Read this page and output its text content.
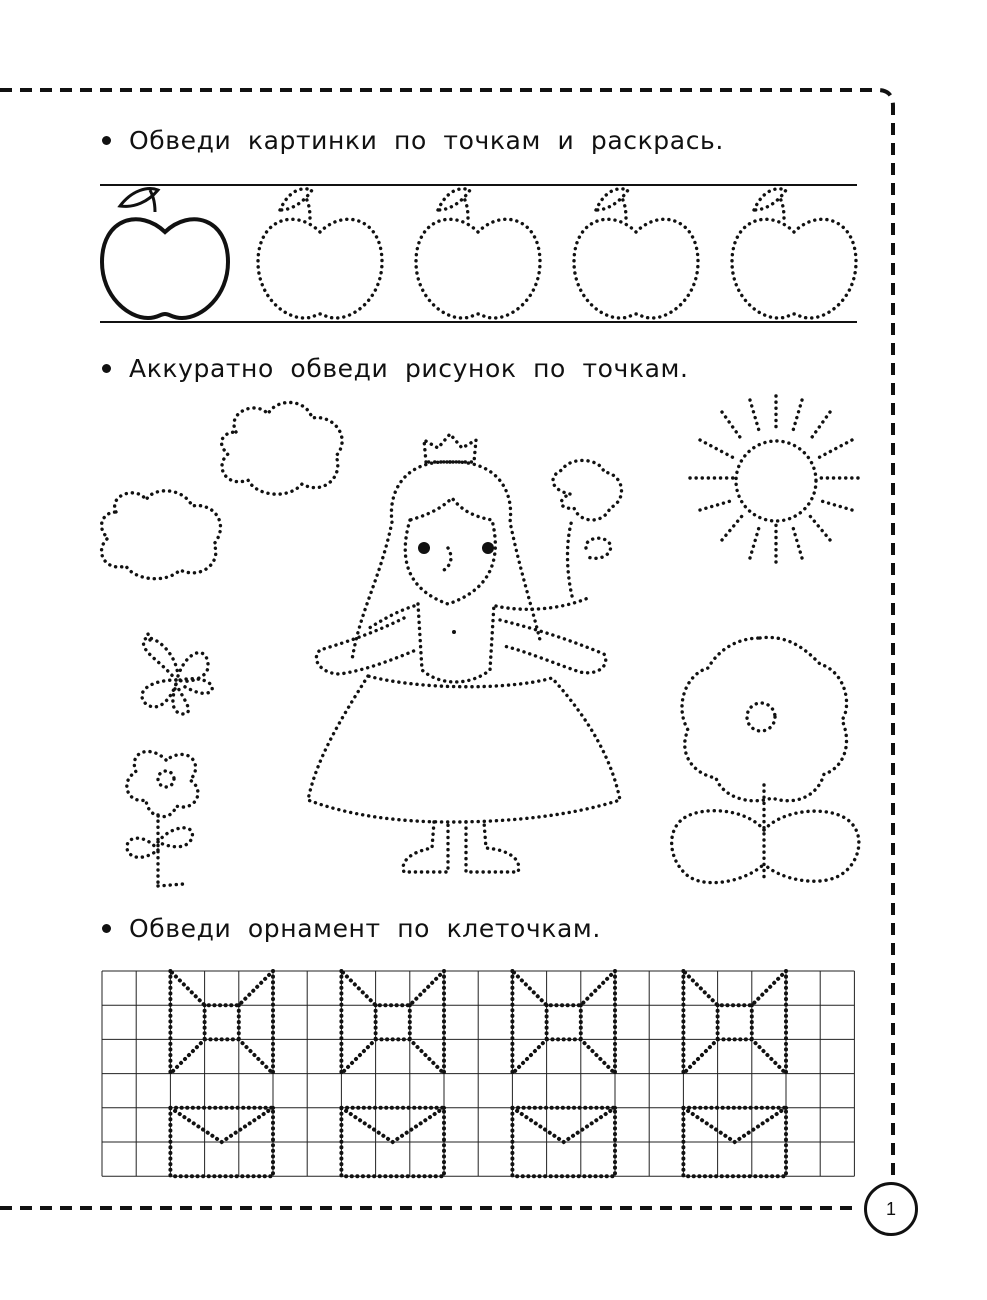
Обведи картинки по точкам и раскрась.
Аккуратно обведи рисунок по точкам.
Обведи орнамент по клеточкам.
1
